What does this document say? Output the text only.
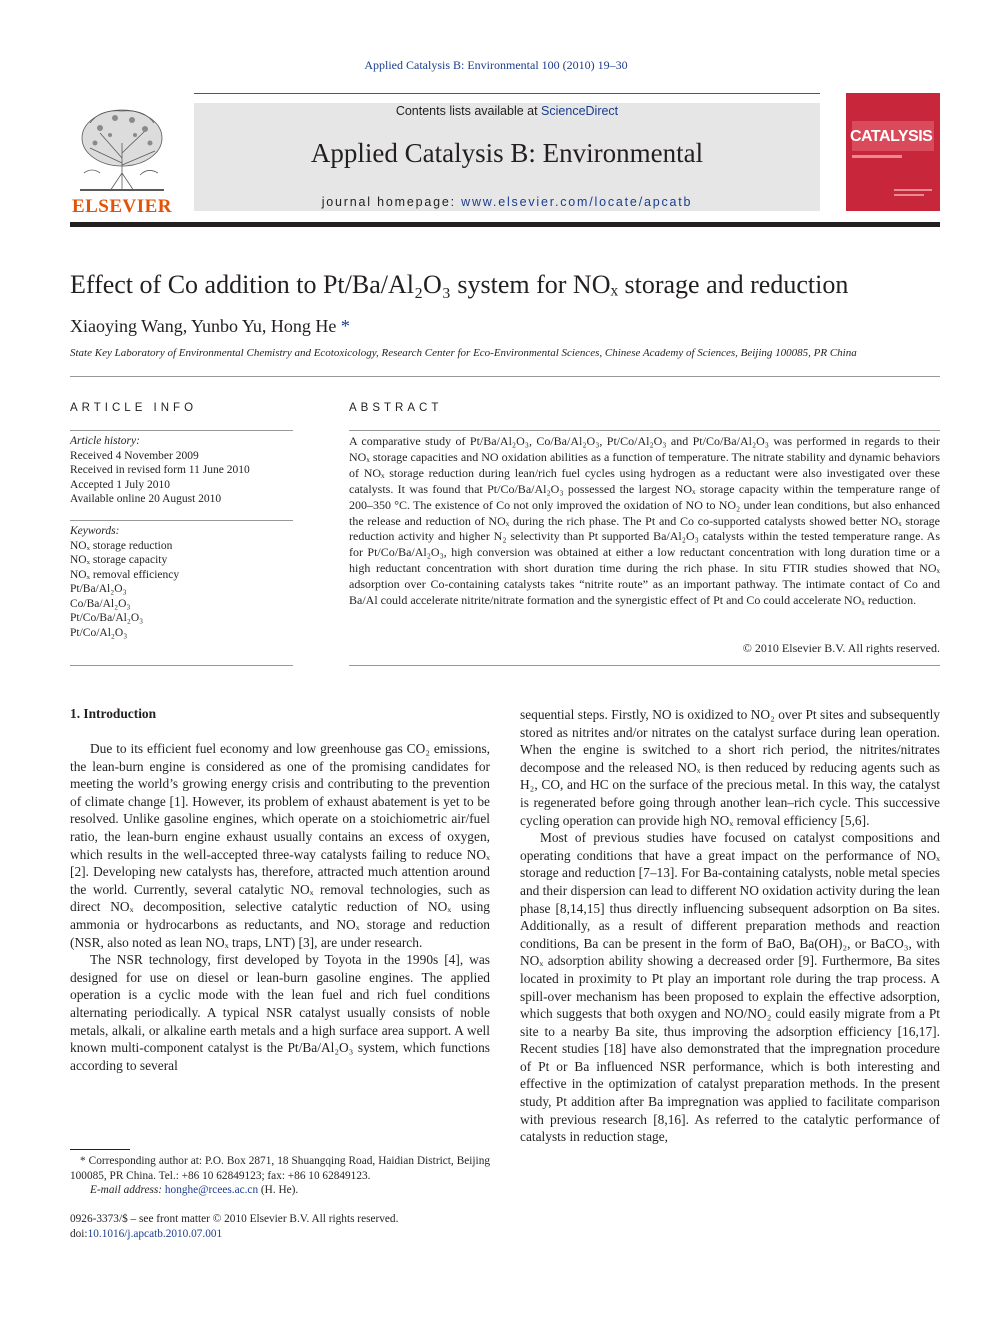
Applied Catalysis B: Environmental 100 (2010) 19–30
ELSEVIER
Contents lists available at ScienceDirect
Applied Catalysis B: Environmental
journal homepage: www.elsevier.com/locate/apcatb
CATALYSIS
Effect of Co addition to Pt/Ba/Al₂O₃ system for NOₓ storage and reduction
Xiaoying Wang, Yunbo Yu, Hong He *
State Key Laboratory of Environmental Chemistry and Ecotoxicology, Research Center for Eco-Environmental Sciences, Chinese Academy of Sciences, Beijing 100085, PR China
ARTICLE INFO
Article history:
Received 4 November 2009
Received in revised form 11 June 2010
Accepted 1 July 2010
Available online 20 August 2010
Keywords:
NOₓ storage reduction
NOₓ storage capacity
NOₓ removal efficiency
Pt/Ba/Al₂O₃
Co/Ba/Al₂O₃
Pt/Co/Ba/Al₂O₃
Pt/Co/Al₂O₃
ABSTRACT
A comparative study of Pt/Ba/Al₂O₃, Co/Ba/Al₂O₃, Pt/Co/Al₂O₃ and Pt/Co/Ba/Al₂O₃ was performed in regards to their NOₓ storage capacities and NO oxidation abilities as a function of temperature. The nitrate stability and dynamic behaviors of NOₓ storage reduction during lean/rich fuel cycles using hydrogen as a reductant were also investigated over these catalysts. It was found that Pt/Co/Ba/Al₂O₃ possessed the largest NOₓ storage capacity within the temperature range of 200–350 °C. The existence of Co not only improved the oxidation of NO to NO₂ under lean conditions, but also enhanced the release and reduction of NOₓ during the rich phase. The Pt and Co co-supported catalysts showed better NOₓ storage reduction activity and higher N₂ selectivity than Pt supported Ba/Al₂O₃ catalysts within the tested temperature range. As for Pt/Co/Ba/Al₂O₃, high conversion was obtained at either a low reductant concentration with long duration time or a high reductant concentration with short duration time during the rich phase. In situ FTIR studies showed that NOₓ adsorption over Co-containing catalysts takes “nitrite route” as an important pathway. The intimate contact of Co and Ba/Al could accelerate nitrite/nitrate formation and the synergistic effect of Pt and Co could accelerate NOₓ reduction.
© 2010 Elsevier B.V. All rights reserved.
1. Introduction

Due to its efficient fuel economy and low greenhouse gas CO₂ emissions, the lean-burn engine is considered as one of the promising candidates for meeting the world’s growing energy crisis and contributing to the prevention of climate change [1]. However, its problem of exhaust abatement is yet to be resolved. Unlike gasoline engines, which operate on a stoichiometric air/fuel ratio, the lean-burn engine exhaust usually contains an excess of oxygen, which results in the well-accepted three-way catalysts failing to reduce NOₓ [2]. Developing new catalysts has, therefore, attracted much attention around the world. Currently, several catalytic NOₓ removal technologies, such as direct NOₓ decomposition, selective catalytic reduction of NOₓ using ammonia or hydrocarbons as reductants, and NOₓ storage and reduction (NSR, also noted as lean NOₓ traps, LNT) [3], are under research.

The NSR technology, first developed by Toyota in the 1990s [4], was designed for use on diesel or lean-burn gasoline engines. The applied operation is a cyclic mode with the lean fuel and rich fuel conditions alternating periodically. A typical NSR catalyst usually consists of noble metals, alkali, or alkaline earth metals and a high surface area support. A well known multi-component catalyst is the Pt/Ba/Al₂O₃ system, which functions according to several

sequential steps. Firstly, NO is oxidized to NO₂ over Pt sites and subsequently stored as nitrites and/or nitrates on the catalyst surface during lean operation. When the engine is switched to a short rich period, the nitrites/nitrates decompose and the released NOₓ is then reduced by reducing agents such as H₂, CO, and HC on the surface of the precious metal. In this way, the catalyst is regenerated before going through another lean–rich cycle. This successive cycling operation can provide high NOₓ removal efficiency [5,6].

Most of previous studies have focused on catalyst compositions and operating conditions that have a great impact on the performance of NOₓ storage and reduction [7–13]. For Ba-containing catalysts, noble metal species and their dispersion can lead to different NO oxidation activity during the lean phase [8,14,15] thus directly influencing subsequent adsorption on Ba sites. Additionally, as a result of different preparation methods and reaction conditions, Ba can be present in the form of BaO, Ba(OH)₂, or BaCO₃, with NOₓ adsorption ability showing a decreased order [9]. Furthermore, Ba sites located in proximity to Pt play an important role during the trap process. A spill-over mechanism has been proposed to explain the effective adsorption, which suggests that both oxygen and NO/NO₂ could easily migrate from a Pt site to a nearby Ba site, thus improving the adsorption efficiency [16,17]. Recent studies [18] have also demonstrated that the impregnation procedure of Pt or Ba influenced NSR performance, which is both interesting and effective in the optimization of catalyst preparation methods. In the present study, Pt addition after Ba impregnation was applied to facilitate comparison with previous research [8,16]. As referred to the catalytic performance of catalysts in reduction stage,

* Corresponding author at: P.O. Box 2871, 18 Shuangqing Road, Haidian District, Beijing 100085, PR China. Tel.: +86 10 62849123; fax: +86 10 62849123.
E-mail address: honghe@rcees.ac.cn (H. He).
0926-3373/$ – see front matter © 2010 Elsevier B.V. All rights reserved.
doi:10.1016/j.apcatb.2010.07.001
